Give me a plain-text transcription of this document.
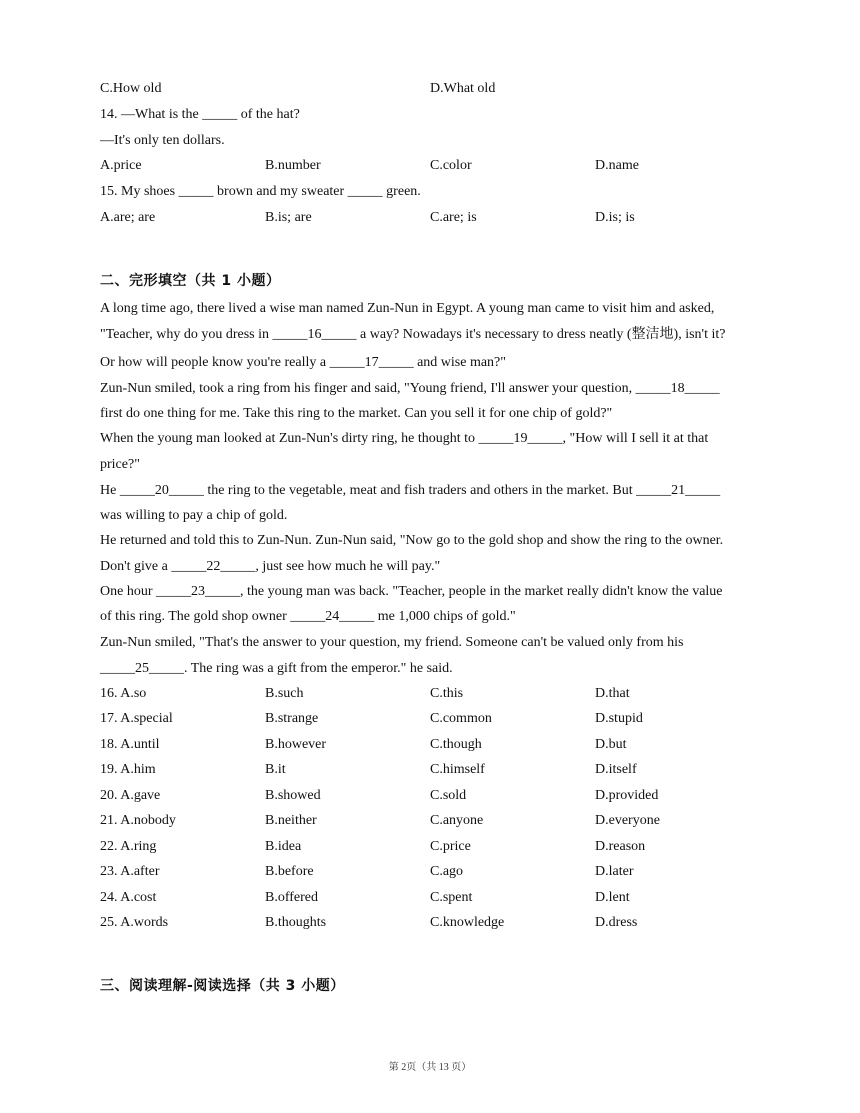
C.How old	D.What old
14. —What is the _____ of the hat?
—It's only ten dollars.
A.price	B.number	C.color	D.name
15. My shoes _____ brown and my sweater _____ green.
A.are; are	B.is; are	C.are; is	D.is; is
二、完形填空（共 1 小题）
A long time ago, there lived a wise man named Zun-Nun in Egypt. A young man came to visit him and asked,
"Teacher, why do you dress in _____16_____ a way? Nowadays it's necessary to dress neatly (整洁地), isn't it?
Or how will people know you're really a _____17_____ and wise man?"
Zun-Nun smiled, took a ring from his finger and said, "Young friend, I'll answer your question, _____18_____
first do one thing for me. Take this ring to the market. Can you sell it for one chip of gold?"
When the young man looked at Zun-Nun's dirty ring, he thought to _____19_____, "How will I sell it at that
price?"
He _____20_____ the ring to the vegetable, meat and fish traders and others in the market. But _____21_____
was willing to pay a chip of gold.
He returned and told this to Zun-Nun. Zun-Nun said, "Now go to the gold shop and show the ring to the owner.
Don't give a _____22_____, just see how much he will pay."
One hour _____23_____, the young man was back. "Teacher, people in the market really didn't know the value
of this ring. The gold shop owner _____24_____ me 1,000 chips of gold."
Zun-Nun smiled, "That's the answer to your question, my friend. Someone can't be valued only from his
_____25_____. The ring was a gift from the emperor." he said.
16. A.so	B.such	C.this	D.that
17. A.special	B.strange	C.common	D.stupid
18. A.until	B.however	C.though	D.but
19. A.him	B.it	C.himself	D.itself
20. A.gave	B.showed	C.sold	D.provided
21. A.nobody	B.neither	C.anyone	D.everyone
22. A.ring	B.idea	C.price	D.reason
23. A.after	B.before	C.ago	D.later
24. A.cost	B.offered	C.spent	D.lent
25. A.words	B.thoughts	C.knowledge	D.dress
三、阅读理解-阅读选择（共 3 小题）
第 2页（共 13 页）
